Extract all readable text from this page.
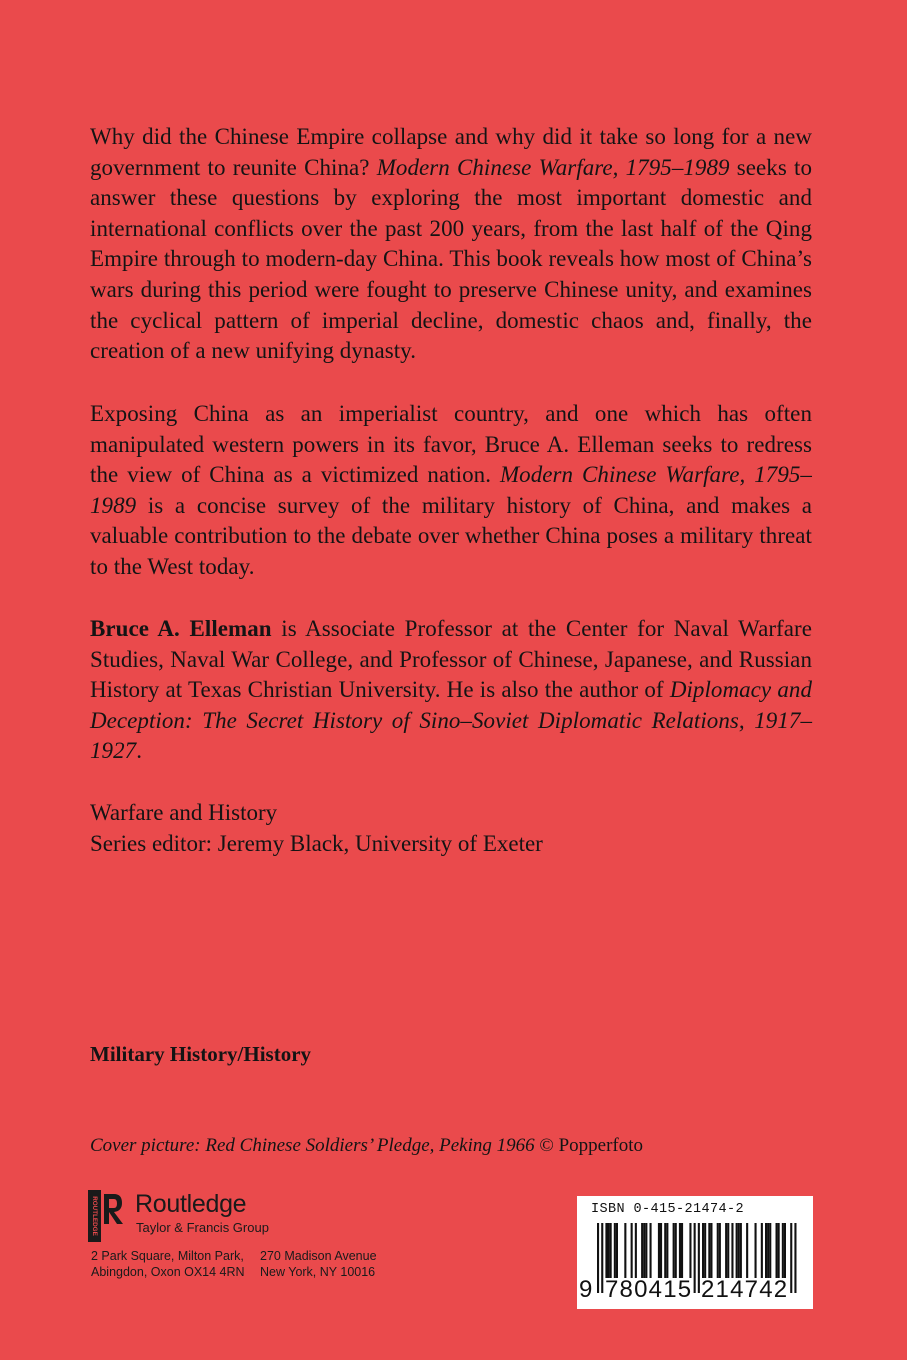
Why did the Chinese Empire collapse and why did it take so long for a new government to reunite China? Modern Chinese Warfare, 1795–1989 seeks to answer these questions by exploring the most important domestic and international conflicts over the past 200 years, from the last half of the Qing Empire through to modern-day China. This book reveals how most of China’s wars during this period were fought to preserve Chinese unity, and examines the cyclical pattern of imperial decline, domestic chaos and, finally, the creation of a new unifying dynasty.

Exposing China as an imperialist country, and one which has often manipulated western powers in its favor, Bruce A. Elleman seeks to redress the view of China as a victimized nation. Modern Chinese Warfare, 1795–1989 is a concise survey of the military history of China, and makes a valuable contribution to the debate over whether China poses a military threat to the West today.

Bruce A. Elleman is Associate Professor at the Center for Naval Warfare Studies, Naval War College, and Professor of Chinese, Japanese, and Russian History at Texas Christian University. He is also the author of Diplomacy and Deception: The Secret History of Sino–Soviet Diplomatic Relations, 1917–1927.

Warfare and History
Series editor: Jeremy Black, University of Exeter

Military History/History

Cover picture: Red Chinese Soldiers’ Pledge, Peking 1966 © Popperfoto

ROUTLEDGE Routledge
Taylor & Francis Group
2 Park Square, Milton Park,
Abingdon, Oxon OX14 4RN
270 Madison Avenue
New York, NY 10016
ISBN 0-415-21474-2
9 780415 214742
